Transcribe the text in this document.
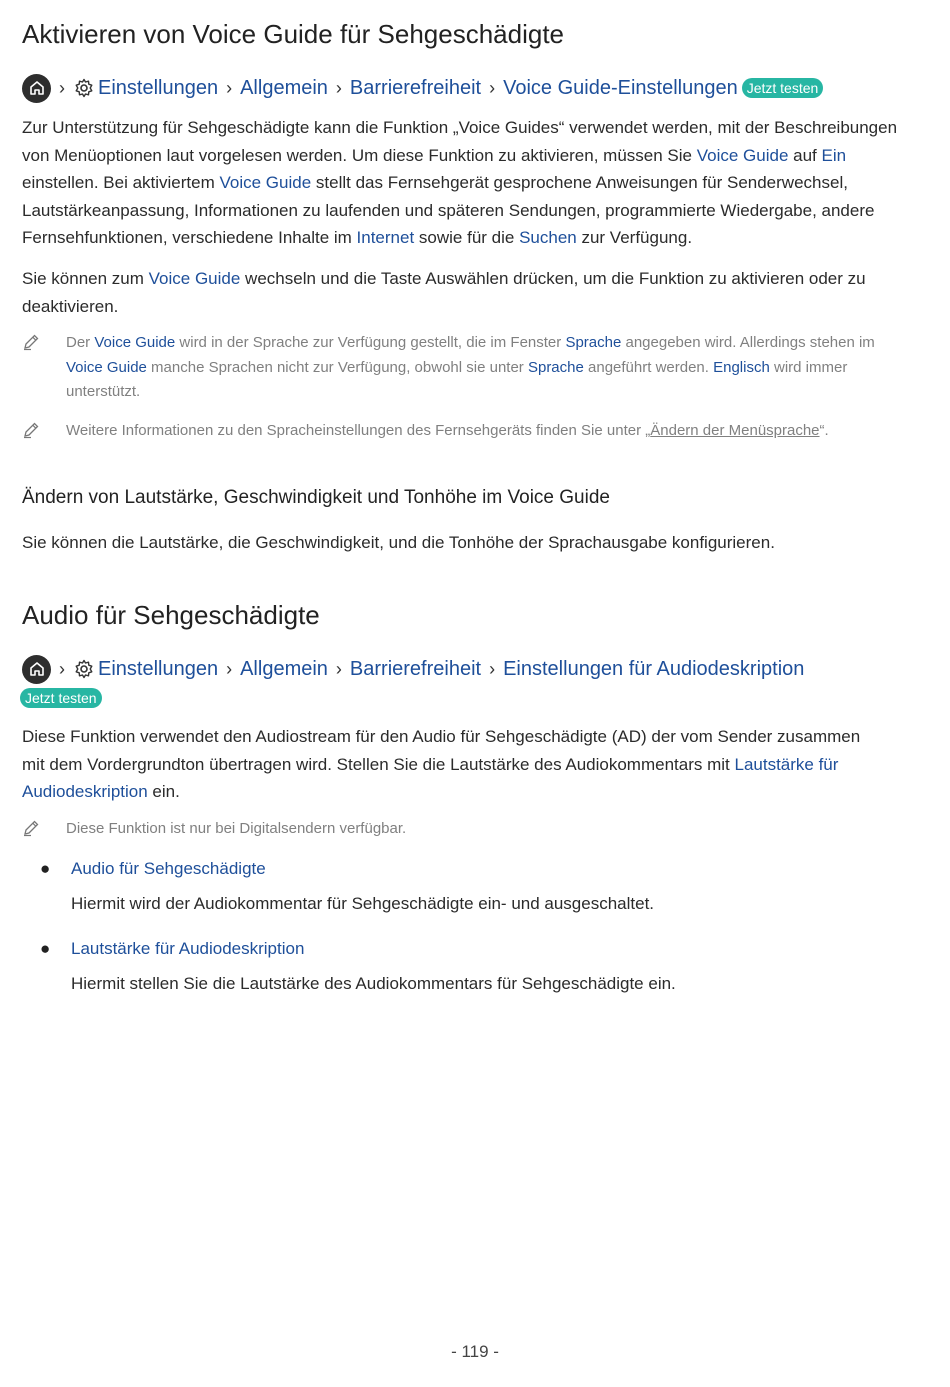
Aktivieren von Voice Guide für Sehgeschädigte
›	Einstellungen › Allgemein › Barrierefreiheit › Voice Guide-Einstellungen Jetzt testen

Zur Unterstützung für Sehgeschädigte kann die Funktion „Voice Guides“ verwendet werden, mit der Beschreibungen von Menüoptionen laut vorgelesen werden. Um diese Funktion zu aktivieren, müssen Sie Voice Guide auf Ein einstellen. Bei aktiviertem Voice Guide stellt das Fernsehgerät gesprochene Anweisungen für Senderwechsel, Lautstärkeanpassung, Informationen zu laufenden und späteren Sendungen, programmierte Wiedergabe, andere Fernsehfunktionen, verschiedene Inhalte im Internet sowie für die Suchen zur Verfügung.

Sie können zum Voice Guide wechseln und die Taste Auswählen drücken, um die Funktion zu aktivieren oder zu deaktivieren.

Der Voice Guide wird in der Sprache zur Verfügung gestellt, die im Fenster Sprache angegeben wird. Allerdings stehen im Voice Guide manche Sprachen nicht zur Verfügung, obwohl sie unter Sprache angeführt werden. Englisch wird immer unterstützt.
Weitere Informationen zu den Spracheinstellungen des Fernsehgeräts finden Sie unter „Ändern der Menüsprache“.
Ändern von Lautstärke, Geschwindigkeit und Tonhöhe im Voice Guide

Sie können die Lautstärke, die Geschwindigkeit, und die Tonhöhe der Sprachausgabe konfigurieren.

Audio für Sehgeschädigte
›	Einstellungen › Allgemein › Barrierefreiheit › Einstellungen für Audiodeskription
Jetzt testen

Diese Funktion verwendet den Audiostream für den Audio für Sehgeschädigte (AD) der vom Sender zusammen mit dem Vordergrundton übertragen wird. Stellen Sie die Lautstärke des Audiokommentars mit Lautstärke für Audiodeskription ein.

Diese Funktion ist nur bei Digitalsendern verfügbar.
●	Audio für Sehgeschädigte
Hiermit wird der Audiokommentar für Sehgeschädigte ein- und ausgeschaltet.
●	Lautstärke für Audiodeskription
Hiermit stellen Sie die Lautstärke des Audiokommentars für Sehgeschädigte ein.
- 119 -
